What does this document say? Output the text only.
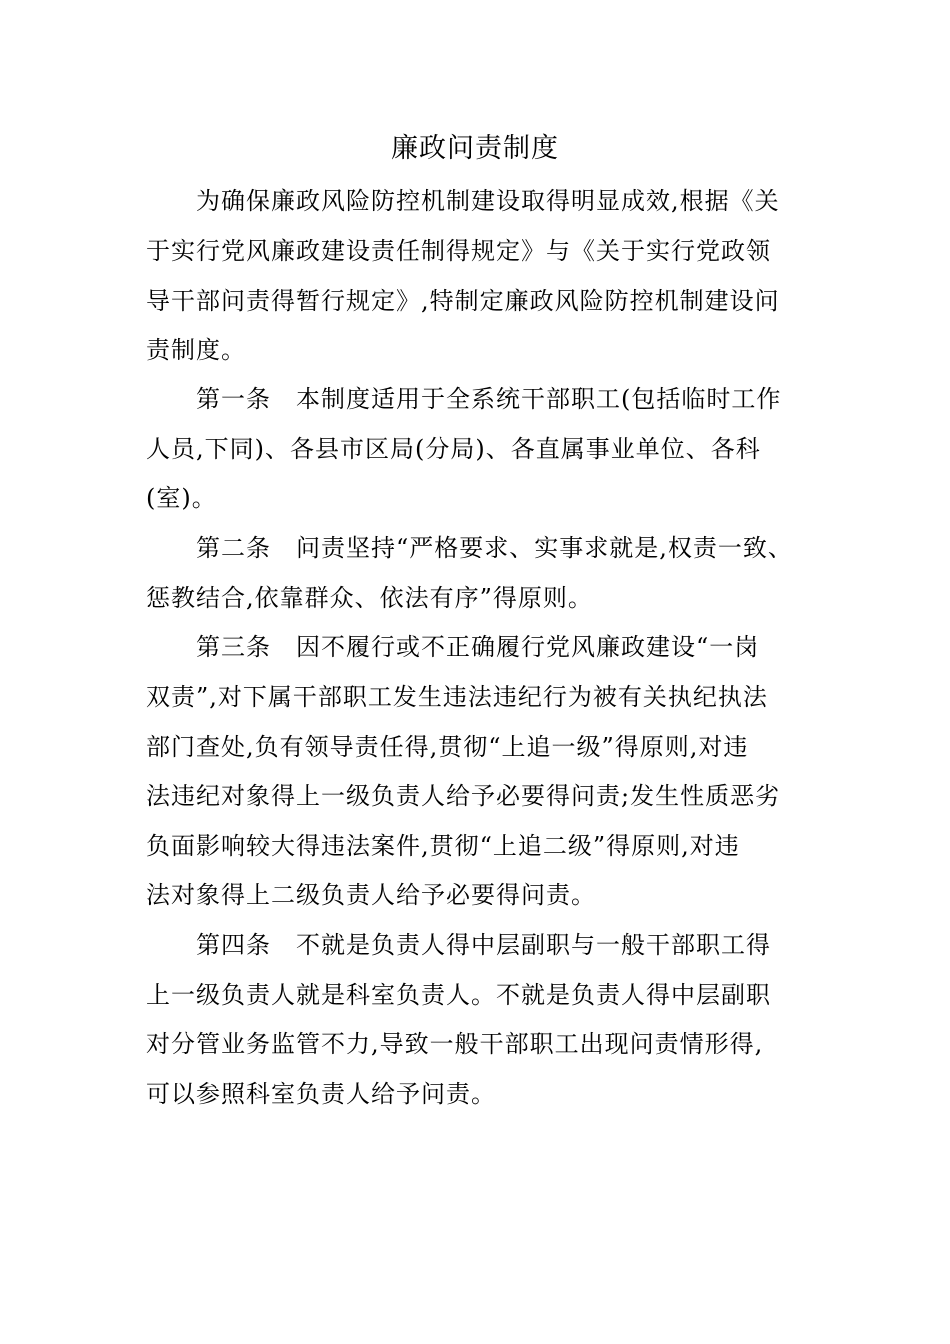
廉政问责制度
为确保廉政风险防控机制建设取得明显成效,根据《关
于实行党风廉政建设责任制得规定》与《关于实行党政领
导干部问责得暂行规定》,特制定廉政风险防控机制建设问
责制度。
第一条　本制度适用于全系统干部职工(包括临时工作
人员,下同)、各县市区局(分局)、各直属事业单位、各科
(室)。
第二条　问责坚持“严格要求、实事求就是,权责一致、
惩教结合,依靠群众、依法有序”得原则。
第三条　因不履行或不正确履行党风廉政建设“一岗
双责”,对下属干部职工发生违法违纪行为被有关执纪执法
部门查处,负有领导责任得,贯彻“上追一级”得原则,对违
法违纪对象得上一级负责人给予必要得问责;发生性质恶劣
负面影响较大得违法案件,贯彻“上追二级”得原则,对违
法对象得上二级负责人给予必要得问责。
第四条　不就是负责人得中层副职与一般干部职工得
上一级负责人就是科室负责人。不就是负责人得中层副职
对分管业务监管不力,导致一般干部职工出现问责情形得,
可以参照科室负责人给予问责。
